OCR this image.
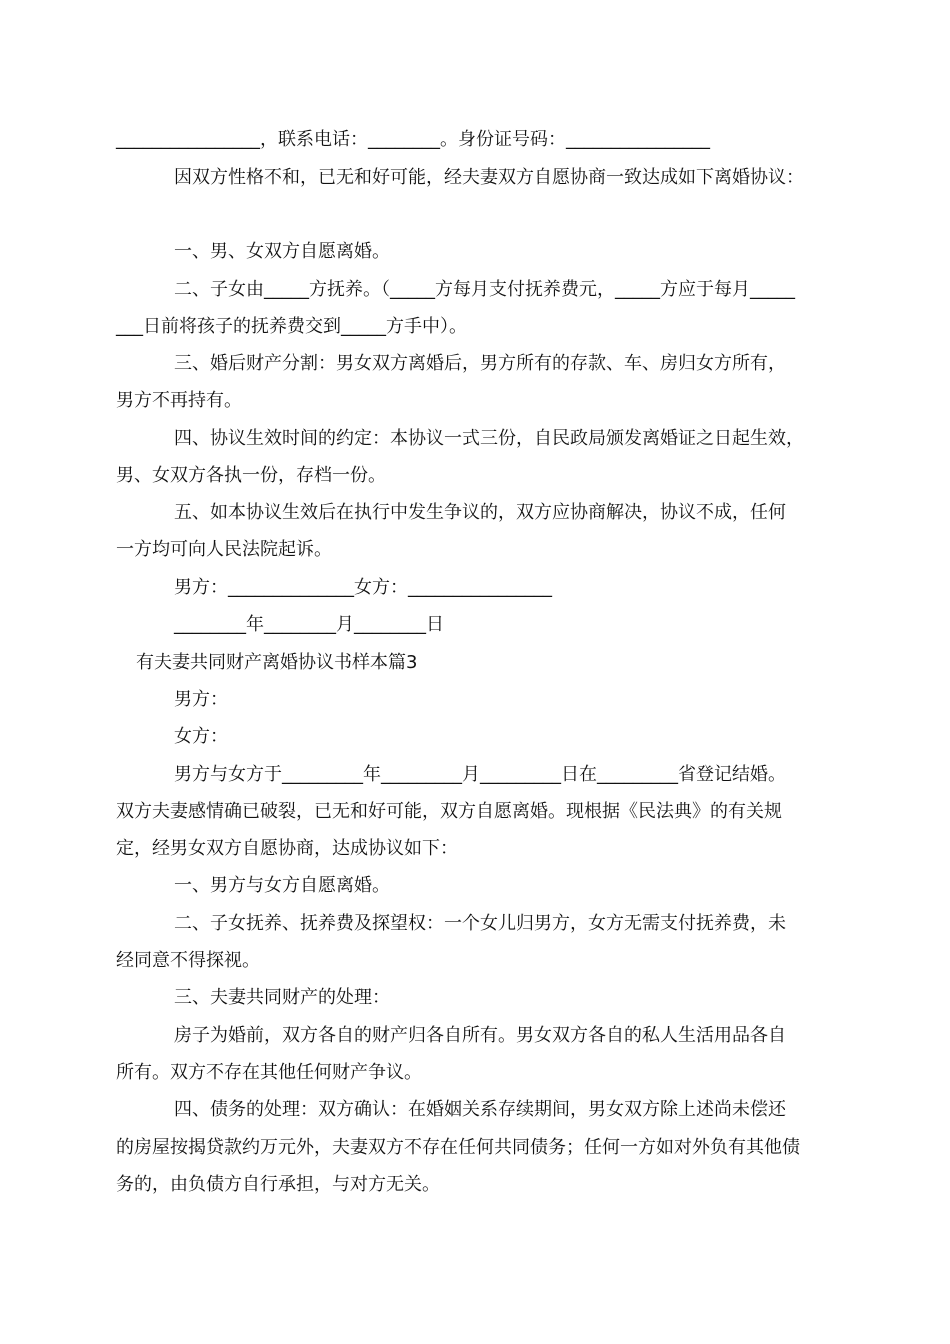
________________，联系电话：________。身份证号码：________________
因双方性格不和，已无和好可能，经夫妻双方自愿协商一致达成如下离婚协议：
一、男、女双方自愿离婚。
二、子女由_____方抚养。（_____方每月支付抚养费元，_____方应于每月_____
___日前将孩子的抚养费交到_____方手中）。
三、婚后财产分割：男女双方离婚后，男方所有的存款、车、房归女方所有，
男方不再持有。
四、协议生效时间的约定：本协议一式三份，自民政局颁发离婚证之日起生效，
男、女双方各执一份，存档一份。
五、如本协议生效后在执行中发生争议的，双方应协商解决，协议不成，任何
一方均可向人民法院起诉。
男方：______________女方：________________
________年________月________日
有夫妻共同财产离婚协议书样本篇3
男方：
女方：
男方与女方于_________年_________月_________日在_________省登记结婚。
双方夫妻感情确已破裂，已无和好可能，双方自愿离婚。现根据《民法典》的有关规
定，经男女双方自愿协商，达成协议如下：
一、男方与女方自愿离婚。
二、子女抚养、抚养费及探望权：一个女儿归男方，女方无需支付抚养费，未
经同意不得探视。
三、夫妻共同财产的处理：
房子为婚前，双方各自的财产归各自所有。男女双方各自的私人生活用品各自
所有。双方不存在其他任何财产争议。
四、债务的处理：双方确认：在婚姻关系存续期间，男女双方除上述尚未偿还
的房屋按揭贷款约万元外，夫妻双方不存在任何共同债务；任何一方如对外负有其他债
务的，由负债方自行承担，与对方无关。
